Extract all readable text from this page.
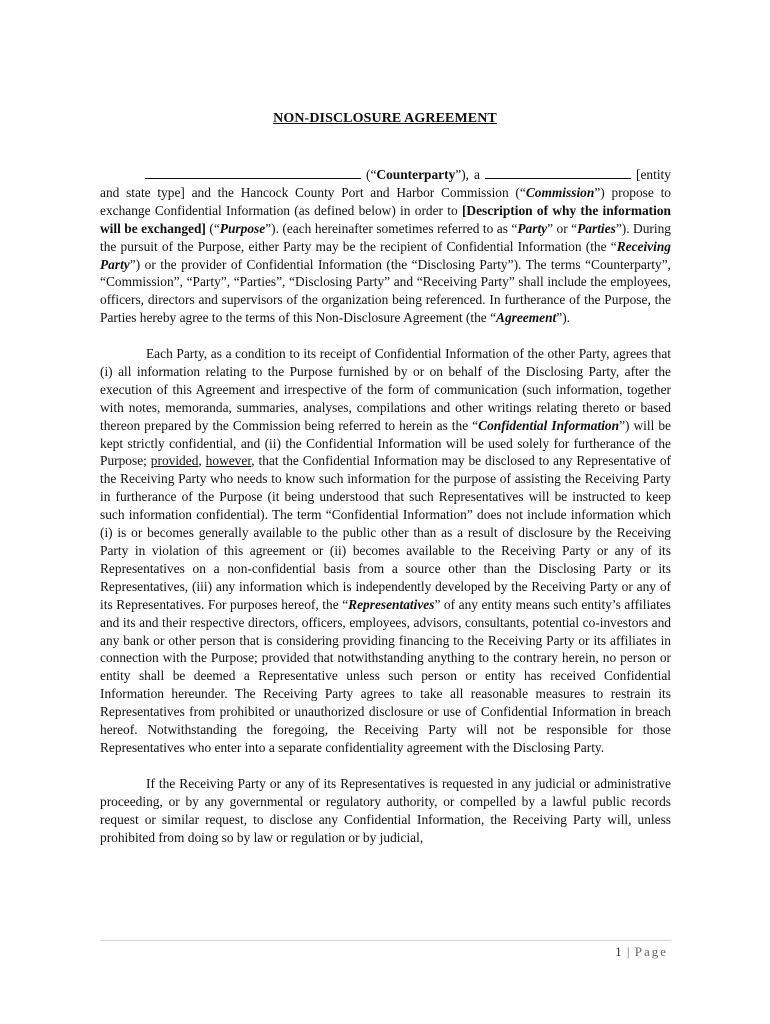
NON-DISCLOSURE AGREEMENT

(“Counterparty”), a	[entity and state type] and the Hancock County Port and Harbor Commission (“Commission”) propose to exchange Confidential Information (as defined below) in order to [Description of why the information will be exchanged] (“Purpose”). (each hereinafter sometimes referred to as “Party” or “Parties”). During the pursuit of the Purpose, either Party may be the recipient of Confidential Information (the “Receiving Party”) or the provider of Confidential Information (the “Disclosing Party”). The terms “Counterparty”, “Commission”, “Party”, “Parties”, “Disclosing Party” and “Receiving Party” shall include the employees, officers, directors and supervisors of the organization being referenced. In furtherance of the Purpose, the Parties hereby agree to the terms of this Non-Disclosure Agreement (the “Agreement”).

Each Party, as a condition to its receipt of Confidential Information of the other Party, agrees that (i) all information relating to the Purpose furnished by or on behalf of the Disclosing Party, after the execution of this Agreement and irrespective of the form of communication (such information, together with notes, memoranda, summaries, analyses, compilations and other writings relating thereto or based thereon prepared by the Commission being referred to herein as the “Confidential Information”) will be kept strictly confidential, and (ii) the Confidential Information will be used solely for furtherance of the Purpose; provided, however, that the Confidential Information may be disclosed to any Representative of the Receiving Party who needs to know such information for the purpose of assisting the Receiving Party in furtherance of the Purpose (it being understood that such Representatives will be instructed to keep such information confidential). The term “Confidential Information” does not include information which (i) is or becomes generally available to the public other than as a result of disclosure by the Receiving Party in violation of this agreement or (ii) becomes available to the Receiving Party or any of its Representatives on a non-confidential basis from a source other than the Disclosing Party or its Representatives, (iii) any information which is independently developed by the Receiving Party or any of its Representatives. For purposes hereof, the “Representatives” of any entity means such entity’s affiliates and its and their respective directors, officers, employees, advisors, consultants, potential co-investors and any bank or other person that is considering providing financing to the Receiving Party or its affiliates in connection with the Purpose; provided that notwithstanding anything to the contrary herein, no person or entity shall be deemed a Representative unless such person or entity has received Confidential Information hereunder. The Receiving Party agrees to take all reasonable measures to restrain its Representatives from prohibited or unauthorized disclosure or use of Confidential Information in breach hereof. Notwithstanding the foregoing, the Receiving Party will not be responsible for those Representatives who enter into a separate confidentiality agreement with the Disclosing Party.

If the Receiving Party or any of its Representatives is requested in any judicial or administrative proceeding, or by any governmental or regulatory authority, or compelled by a lawful public records request or similar request, to disclose any Confidential Information, the Receiving Party will, unless prohibited from doing so by law or regulation or by judicial,

1 | Page
